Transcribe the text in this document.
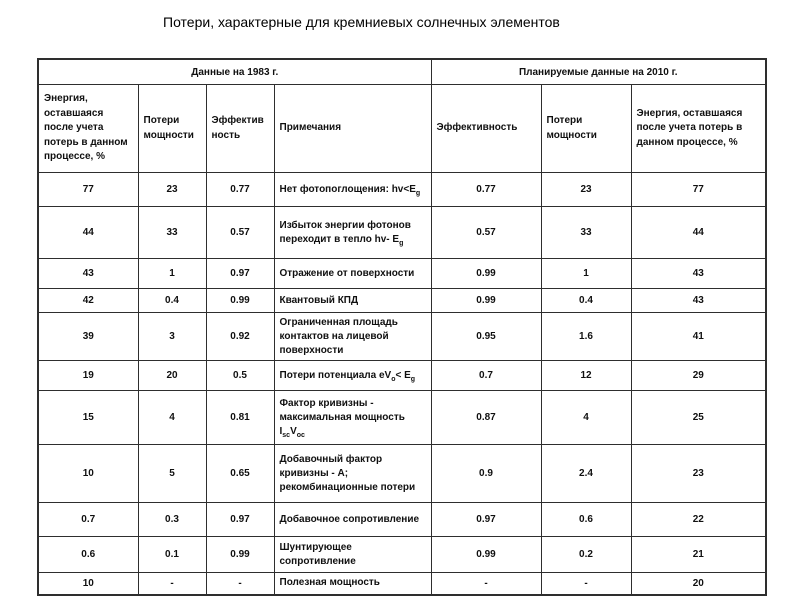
Потери, характерные для кремниевых солнечных элементов
Данные на 1983 г.				Планируемые данные на 2010 г.		
Энергия, оставшаяся после учета потерь в данном процессе, %	Потери мощности	Эффективность	Примечания	Эффективность	Потери мощности	Энергия, оставшаяся после учета потерь в данном процессе, %
77	23	0.77	Нет фотопоглощения: $hv<E_g$	0.77	23	77
44	33	0.57	Избыток энергии фотонов переходит в тепло hv- $E_g$	0.57	33	44
43	1	0.97	Отражение от поверхности	0.99	1	43
42	0.4	0.99	Квантовый КПД	0.99	0.4	43
39	3	0.92	Ограниченная площадь контактов на лицевой поверхности	0.95	1.6	41
19	20	0.5	Потери потенциала $eV_o< E_g$	0.7	12	29
15	4	0.81	Фактор кривизны - максимальная мощность $I_{sc}V_{oc}$	0.87	4	25
10	5	0.65	Добавочный фактор кривизны - A; рекомбинационные потери	0.9	2.4	23
0.7	0.3	0.97	Добавочное сопротивление	0.97	0.6	22
0.6	0.1	0.99	Шунтирующее сопротивление	0.99	0.2	21
10	-	-	Полезная мощность	-	-	20
